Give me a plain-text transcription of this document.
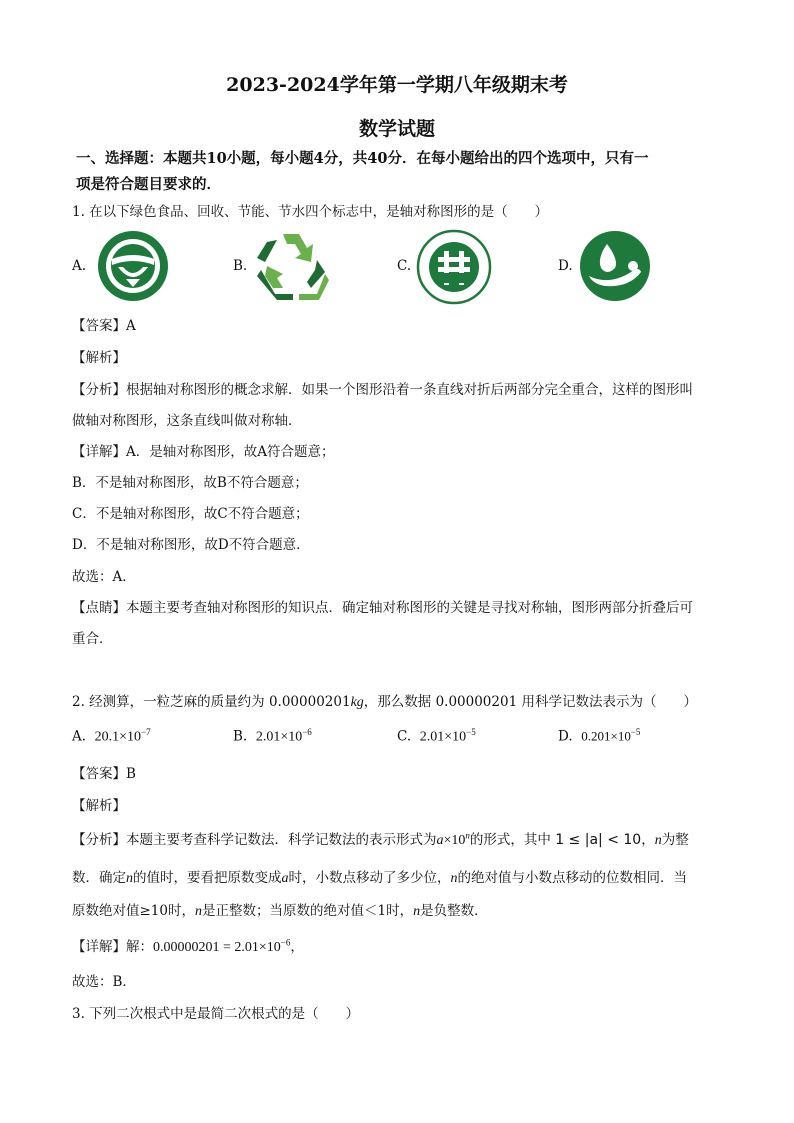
2023-2024学年第一学期八年级期末考
数学试题
一、选择题：本题共10小题，每小题4分，共40分．在每小题给出的四个选项中，只有一
项是符合题目要求的．
1. 在以下绿色食品、回收、节能、节水四个标志中，是轴对称图形的是（　　）
A.	B.	C.	D.
【答案】A
【解析】
【分析】根据轴对称图形的概念求解．如果一个图形沿着一条直线对折后两部分完全重合，这样的图形叫
做轴对称图形，这条直线叫做对称轴．
【详解】A．是轴对称图形，故A符合题意；
B．不是轴对称图形，故B不符合题意；
C．不是轴对称图形，故C不符合题意；
D．不是轴对称图形，故D不符合题意．
故选：A．
【点睛】本题主要考查轴对称图形的知识点．确定轴对称图形的关键是寻找对称轴，图形两部分折叠后可
重合．
2. 经测算，一粒芝麻的质量约为 0.00000201kg，那么数据 0.00000201 用科学记数法表示为（　　）
A. $20.1\times 10^{-7}$	B. $2.01\times 10^{-6}$	C. $2.01\times 10^{-5}$	D. $0.201\times 10^{-5}$
【答案】B
【解析】
【分析】本题主要考查科学记数法．科学记数法的表示形式为$a\times 10^n$的形式，其中 1 ≤ |a| < 10，n为整
数．确定n的值时，要看把原数变成a时，小数点移动了多少位，n的绝对值与小数点移动的位数相同．当
原数绝对值≥10时，n是正整数；当原数的绝对值＜1时，n是负整数．
【详解】解：$0.00000201 = 2.01\times 10^{-6}$，
故选：B．
3. 下列二次根式中是最简二次根式的是（　　）
